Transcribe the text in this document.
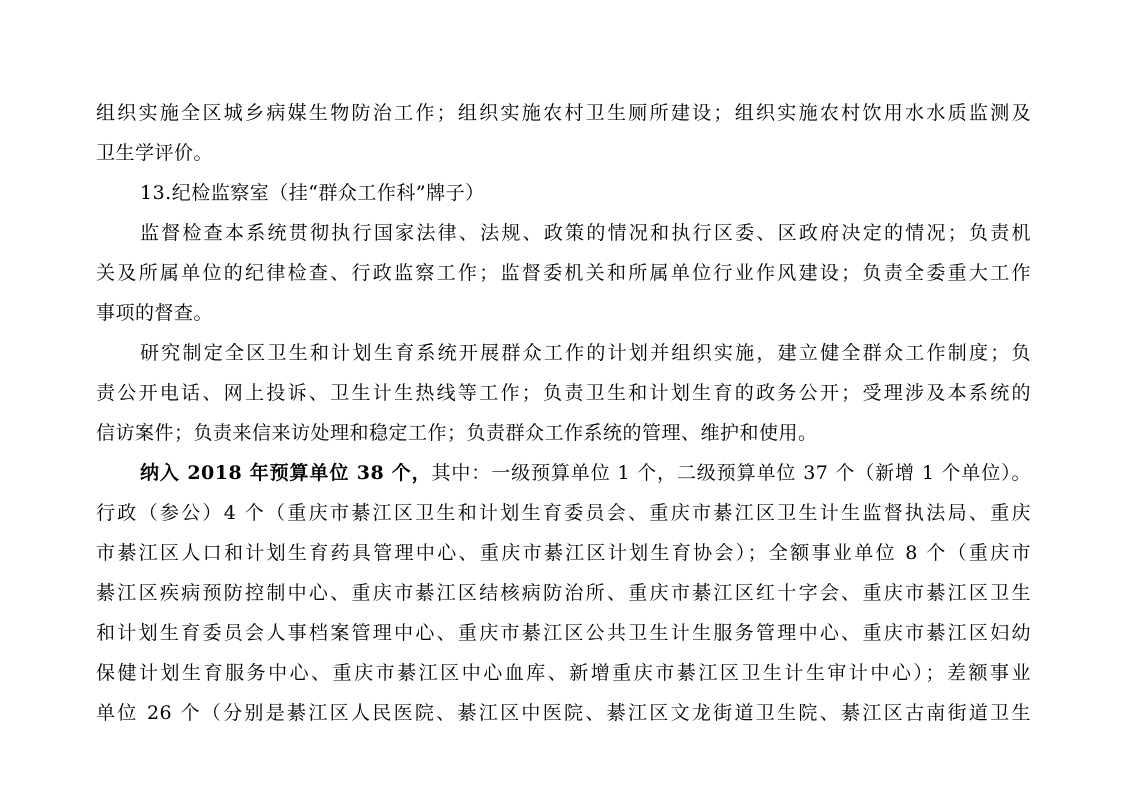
组织实施全区城乡病媒生物防治工作；组织实施农村卫生厕所建设；组织实施农村饮用水水质监测及
卫生学评价。
13.纪检监察室（挂“群众工作科”牌子）
监督检查本系统贯彻执行国家法律、法规、政策的情况和执行区委、区政府决定的情况；负责机
关及所属单位的纪律检查、行政监察工作；监督委机关和所属单位行业作风建设；负责全委重大工作
事项的督查。
研究制定全区卫生和计划生育系统开展群众工作的计划并组织实施，建立健全群众工作制度；负
责公开电话、网上投诉、卫生计生热线等工作；负责卫生和计划生育的政务公开；受理涉及本系统的
信访案件；负责来信来访处理和稳定工作；负责群众工作系统的管理、维护和使用。
纳入 2018 年预算单位 38 个，其中：一级预算单位 1 个，二级预算单位 37 个（新增 1 个单位）。
行政（参公）4 个（重庆市綦江区卫生和计划生育委员会、重庆市綦江区卫生计生监督执法局、重庆
市綦江区人口和计划生育药具管理中心、重庆市綦江区计划生育协会）；全额事业单位 8 个（重庆市
綦江区疾病预防控制中心、重庆市綦江区结核病防治所、重庆市綦江区红十字会、重庆市綦江区卫生
和计划生育委员会人事档案管理中心、重庆市綦江区公共卫生计生服务管理中心、重庆市綦江区妇幼
保健计划生育服务中心、重庆市綦江区中心血库、新增重庆市綦江区卫生计生审计中心）；差额事业
单位 26 个（分别是綦江区人民医院、綦江区中医院、綦江区文龙街道卫生院、綦江区古南街道卫生
